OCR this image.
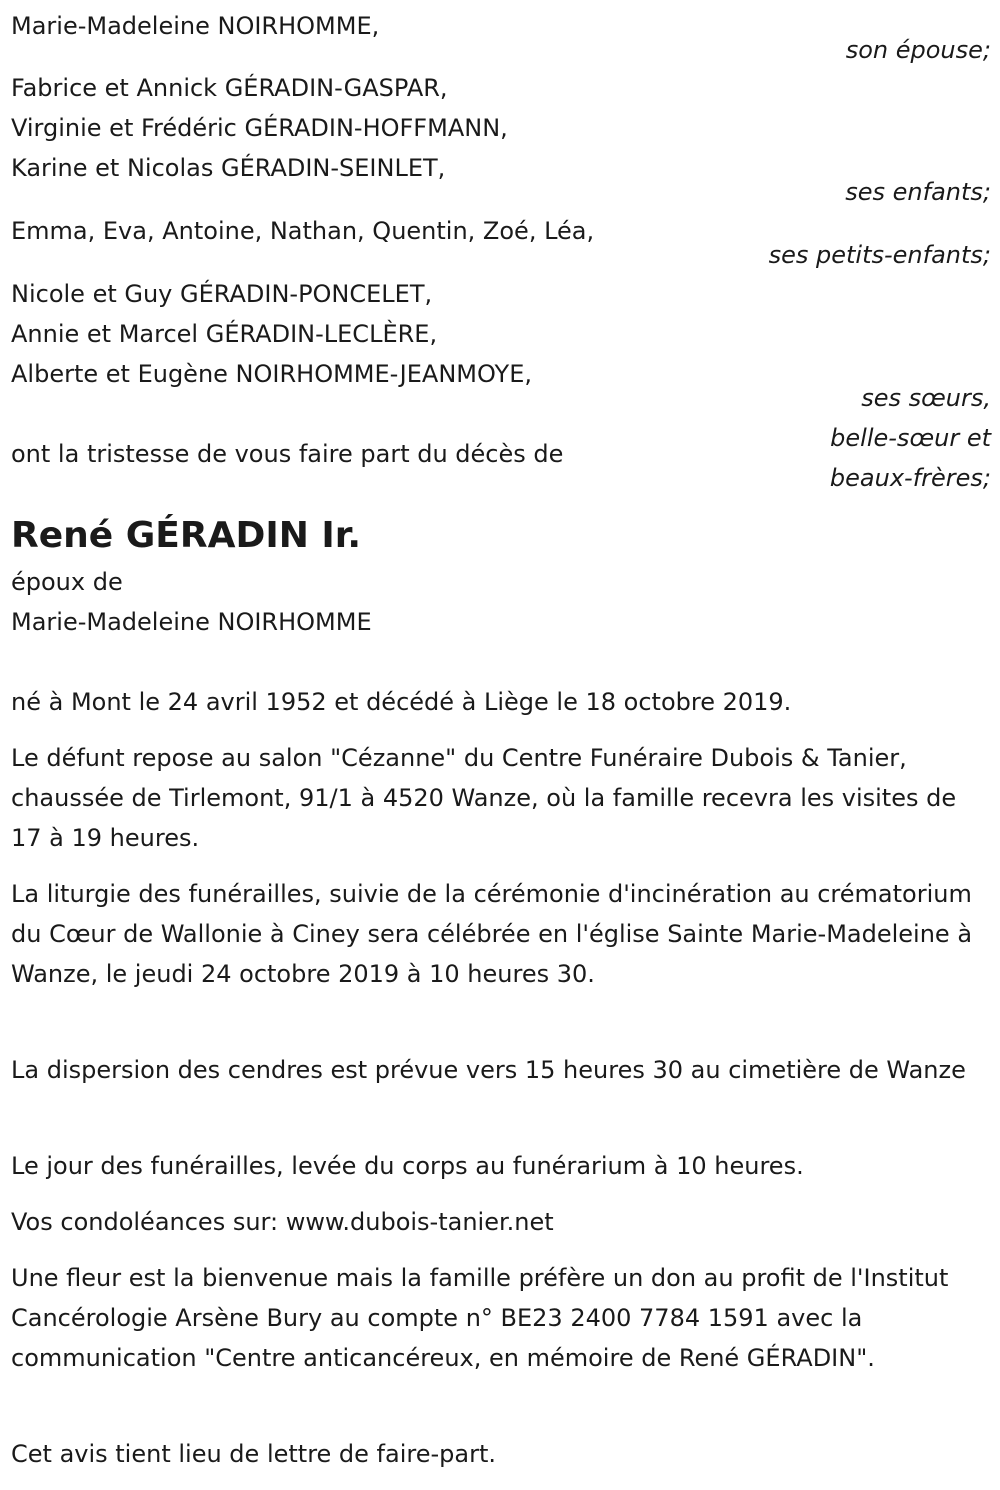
Marie-Madeleine NOIRHOMME,
son épouse;
Fabrice et Annick GÉRADIN-GASPAR,
Virginie et Frédéric GÉRADIN-HOFFMANN,
Karine et Nicolas GÉRADIN-SEINLET,
ses enfants;
Emma, Eva, Antoine, Nathan, Quentin, Zoé, Léa,
ses petits-enfants;
Nicole et Guy GÉRADIN-PONCELET,
Annie et Marcel GÉRADIN-LECLÈRE,
Alberte et Eugène NOIRHOMME-JEANMOYE,
ses sœurs,
belle-sœur et
beaux-frères;
ont la tristesse de vous faire part du décès de
René GÉRADIN Ir.
époux de
Marie-Madeleine NOIRHOMME
né à Mont le 24 avril 1952 et décédé à Liège le 18 octobre 2019.
Le défunt repose au salon "Cézanne" du Centre Funéraire Dubois & Tanier, chaussée de Tirlemont, 91/1 à 4520 Wanze, où la famille recevra les visites de 17 à 19 heures.
La liturgie des funérailles, suivie de la cérémonie d'incinération au crématorium du Cœur de Wallonie à Ciney sera célébrée en l'église Sainte Marie-Madeleine à Wanze, le jeudi 24 octobre 2019 à 10 heures 30.
La dispersion des cendres est prévue vers 15 heures 30 au cimetière de Wanze
Le jour des funérailles, levée du corps au funérarium à 10 heures.
Vos condoléances sur: www.dubois-tanier.net
Une fleur est la bienvenue mais la famille préfère un don au profit de l'Institut Cancérologie Arsène Bury au compte n° BE23 2400 7784 1591 avec la communication "Centre anticancéreux, en mémoire de René GÉRADIN".
Cet avis tient lieu de lettre de faire-part.
